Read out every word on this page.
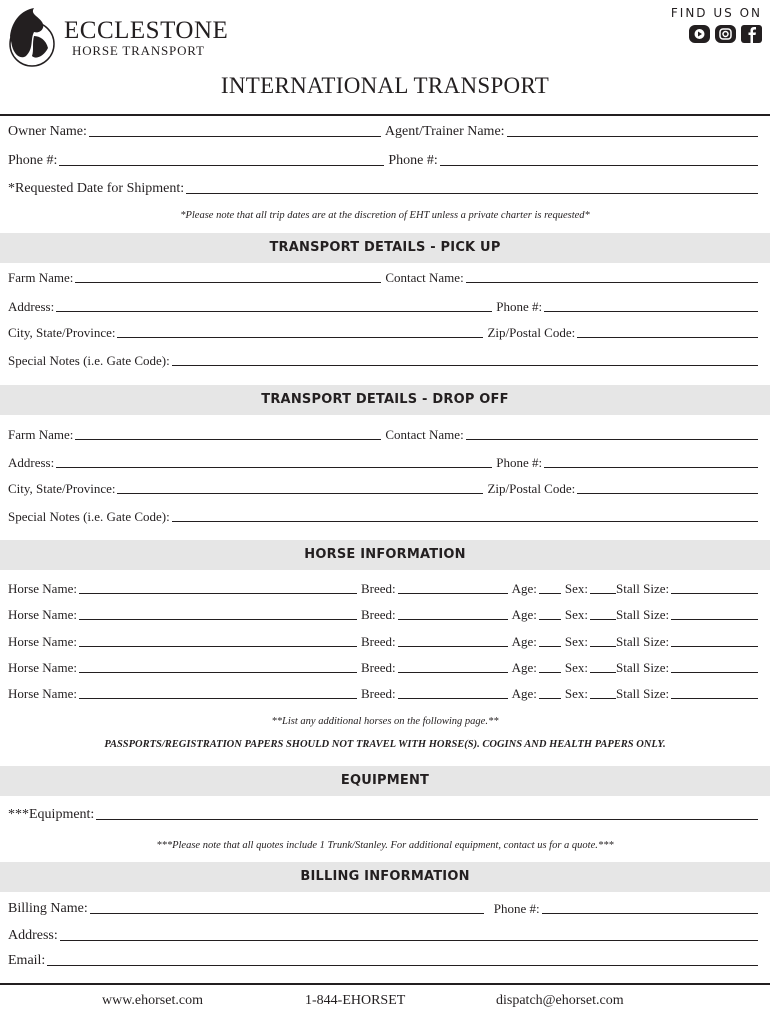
ECCLESTONE
HORSE TRANSPORT
FIND US ON
INTERNATIONAL TRANSPORT
Owner Name:	Agent/Trainer Name:
Phone #:	Phone #:
*Requested Date for Shipment:
*Please note that all trip dates are at the discretion of EHT unless a private charter is requested*
TRANSPORT DETAILS - PICK UP
Farm Name:	Contact Name:
Address:	Phone #:
City, State/Province:	Zip/Postal Code:
Special Notes (i.e. Gate Code):
TRANSPORT DETAILS - DROP OFF
Farm Name:	Contact Name:
Address:	Phone #:
City, State/Province:	Zip/Postal Code:
Special Notes (i.e. Gate Code):
HORSE INFORMATION
Horse Name:	Breed:	Age: Sex: Stall Size:
Horse Name:	Breed:	Age: Sex: Stall Size:
Horse Name:	Breed:	Age: Sex: Stall Size:
Horse Name:	Breed:	Age: Sex: Stall Size:
Horse Name:	Breed:	Age: Sex: Stall Size:
**List any additional horses on the following page.**
PASSPORTS/REGISTRATION PAPERS SHOULD NOT TRAVEL WITH HORSE(S). COGINS AND HEALTH PAPERS ONLY.
EQUIPMENT
***Equipment:
***Please note that all quotes include 1 Trunk/Stanley. For additional equipment, contact us for a quote.***
BILLING INFORMATION
Billing Name:	Phone #:
Address:
Email:
www.ehorset.com	1-844-EHORSET	dispatch@ehorset.com
